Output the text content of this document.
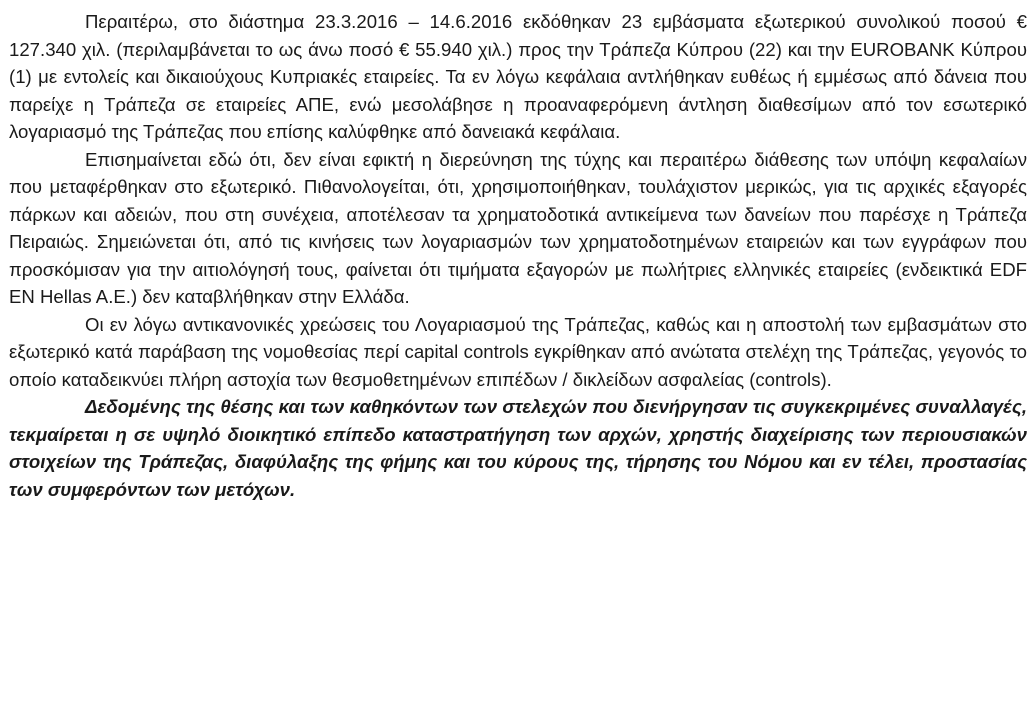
Περαιτέρω, στο διάστημα 23.3.2016 – 14.6.2016 εκδόθηκαν 23 εμβάσματα εξωτερικού συνολικού ποσού € 127.340 χιλ. (περιλαμβάνεται το ως άνω ποσό € 55.940 χιλ.) προς την Τράπεζα Κύπρου (22) και την EUROBANK Κύπρου (1) με εντολείς και δικαιούχους Κυπριακές εταιρείες. Τα εν λόγω κεφάλαια αντλήθηκαν ευθέως ή εμμέσως από δάνεια που παρείχε η Τράπεζα σε εταιρείες ΑΠΕ, ενώ μεσολάβησε η προαναφερόμενη άντληση διαθεσίμων από τον εσωτερικό λογαριασμό της Τράπεζας που επίσης καλύφθηκε από δανειακά κεφάλαια.

Επισημαίνεται εδώ ότι, δεν είναι εφικτή η διερεύνηση της τύχης και περαιτέρω διάθεσης των υπόψη κεφαλαίων που μεταφέρθηκαν στο εξωτερικό. Πιθανολογείται, ότι, χρησιμοποιήθηκαν, τουλάχιστον μερικώς, για τις αρχικές εξαγορές πάρκων και αδειών, που στη συνέχεια, αποτέλεσαν τα χρηματοδοτικά αντικείμενα των δανείων που παρέσχε η Τράπεζα Πειραιώς. Σημειώνεται ότι, από τις κινήσεις των λογαριασμών των χρηματοδοτημένων εταιρειών και των εγγράφων που προσκόμισαν για την αιτιολόγησή τους, φαίνεται ότι τιμήματα εξαγορών με πωλήτριες ελληνικές εταιρείες (ενδεικτικά EDF EN Hellas A.E.) δεν καταβλήθηκαν στην Ελλάδα.

Οι εν λόγω αντικανονικές χρεώσεις του Λογαριασμού της Τράπεζας, καθώς και η αποστολή των εμβασμάτων στο εξωτερικό κατά παράβαση της νομοθεσίας περί capital controls εγκρίθηκαν από ανώτατα στελέχη της Τράπεζας, γεγονός το οποίο καταδεικνύει πλήρη αστοχία των θεσμοθετημένων επιπέδων / δικλείδων ασφαλείας (controls).

Δεδομένης της θέσης και των καθηκόντων των στελεχών που διενήργησαν τις συγκεκριμένες συναλλαγές, τεκμαίρεται η σε υψηλό διοικητικό επίπεδο καταστρατήγηση των αρχών, χρηστής διαχείρισης των περιουσιακών στοιχείων της Τράπεζας, διαφύλαξης της φήμης και του κύρους της, τήρησης του Νόμου και εν τέλει, προστασίας των συμφερόντων των μετόχων.
